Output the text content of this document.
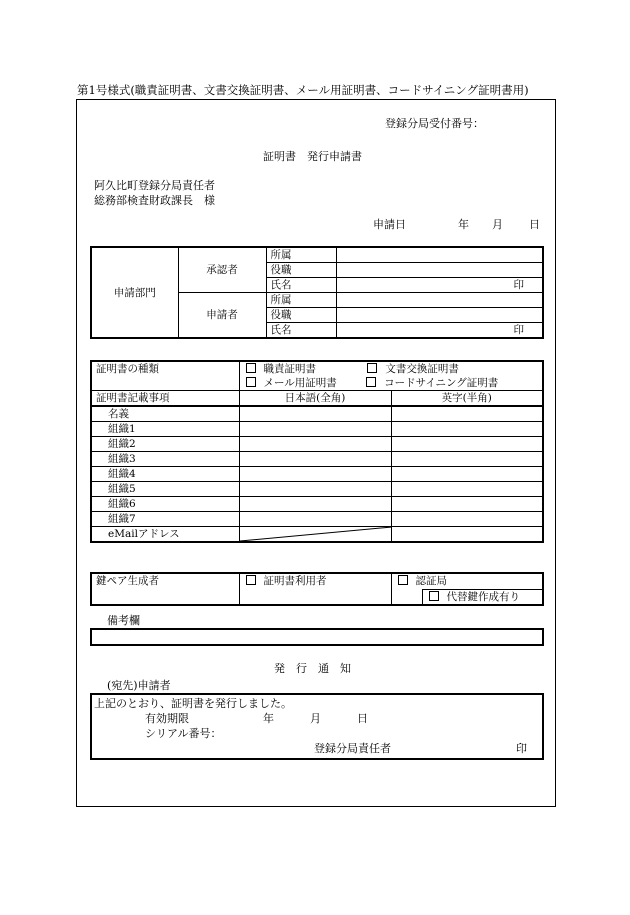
第1号様式(職責証明書、文書交換証明書、メール用証明書、コードサイニング証明書用)
登録分局受付番号：
証明書　発行申請書
阿久比町登録分局責任者
総務部検査財政課長　様
申請日	年 月 日
申請部門	承認者	所属	
		役職	
		氏名	印
	申請者	所属	
		役職	
		氏名	印
証明書の種類	職責証明書 文書交換証明書	
	メール用証明書 コードサイニング証明書	
証明書記載事項	日本語(全角)	英字(半角)
名義		
組織1		
組織2		
組織3		
組織4		
組織5		
組織6		
組織7		
eMailアドレス	

鍵ペア生成者	証明書利用者	認証局

代替鍵作成有り
備考欄
発　行　通　知
(宛先)申請者
上記のとおり、証明書を発行しました。
有効期限	年	月	日
シリアル番号：
登録分局責任者	印
